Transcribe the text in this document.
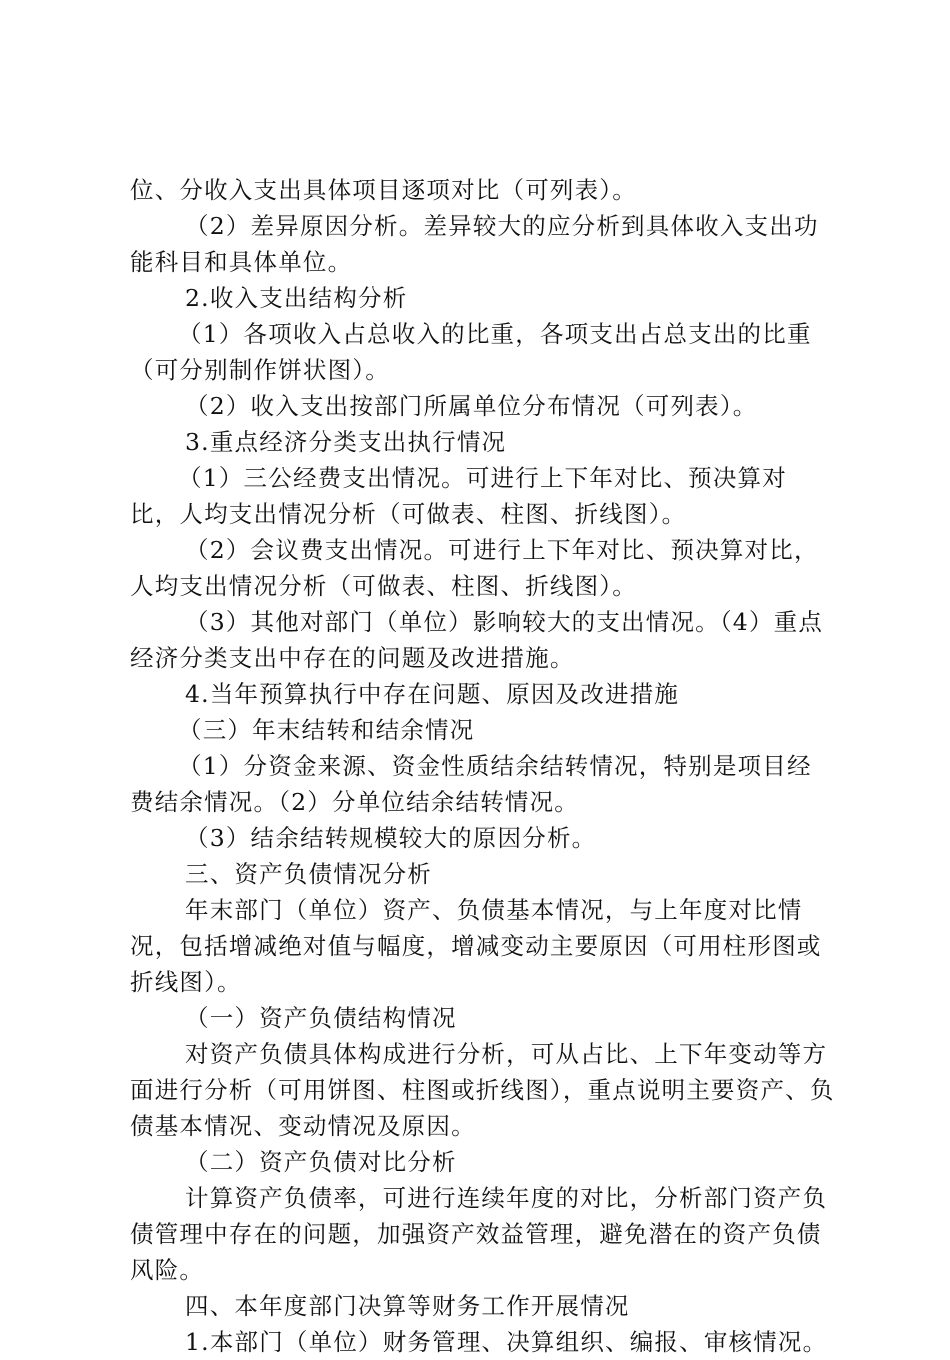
位、分收入支出具体项目逐项对比（可列表）。

（2）差异原因分析。差异较大的应分析到具体收入支出功能科目和具体单位。

2.收入支出结构分析

（1）各项收入占总收入的比重，各项支出占总支出的比重（可分别制作饼状图）。

（2）收入支出按部门所属单位分布情况（可列表）。

3.重点经济分类支出执行情况

（1）三公经费支出情况。可进行上下年对比、预决算对比，人均支出情况分析（可做表、柱图、折线图）。

（2）会议费支出情况。可进行上下年对比、预决算对比，人均支出情况分析（可做表、柱图、折线图）。

（3）其他对部门（单位）影响较大的支出情况。（4）重点经济分类支出中存在的问题及改进措施。

4.当年预算执行中存在问题、原因及改进措施

（三）年末结转和结余情况

（1）分资金来源、资金性质结余结转情况，特别是项目经费结余情况。（2）分单位结余结转情况。

（3）结余结转规模较大的原因分析。

三、资产负债情况分析

年末部门（单位）资产、负债基本情况，与上年度对比情况，包括增减绝对值与幅度，增减变动主要原因（可用柱形图或折线图）。

（一）资产负债结构情况

对资产负债具体构成进行分析，可从占比、上下年变动等方面进行分析（可用饼图、柱图或折线图），重点说明主要资产、负债基本情况、变动情况及原因。

（二）资产负债对比分析

计算资产负债率，可进行连续年度的对比，分析部门资产负债管理中存在的问题，加强资产效益管理，避免潜在的资产负债风险。

四、本年度部门决算等财务工作开展情况

1.本部门（单位）财务管理、决算组织、编报、审核情况。
